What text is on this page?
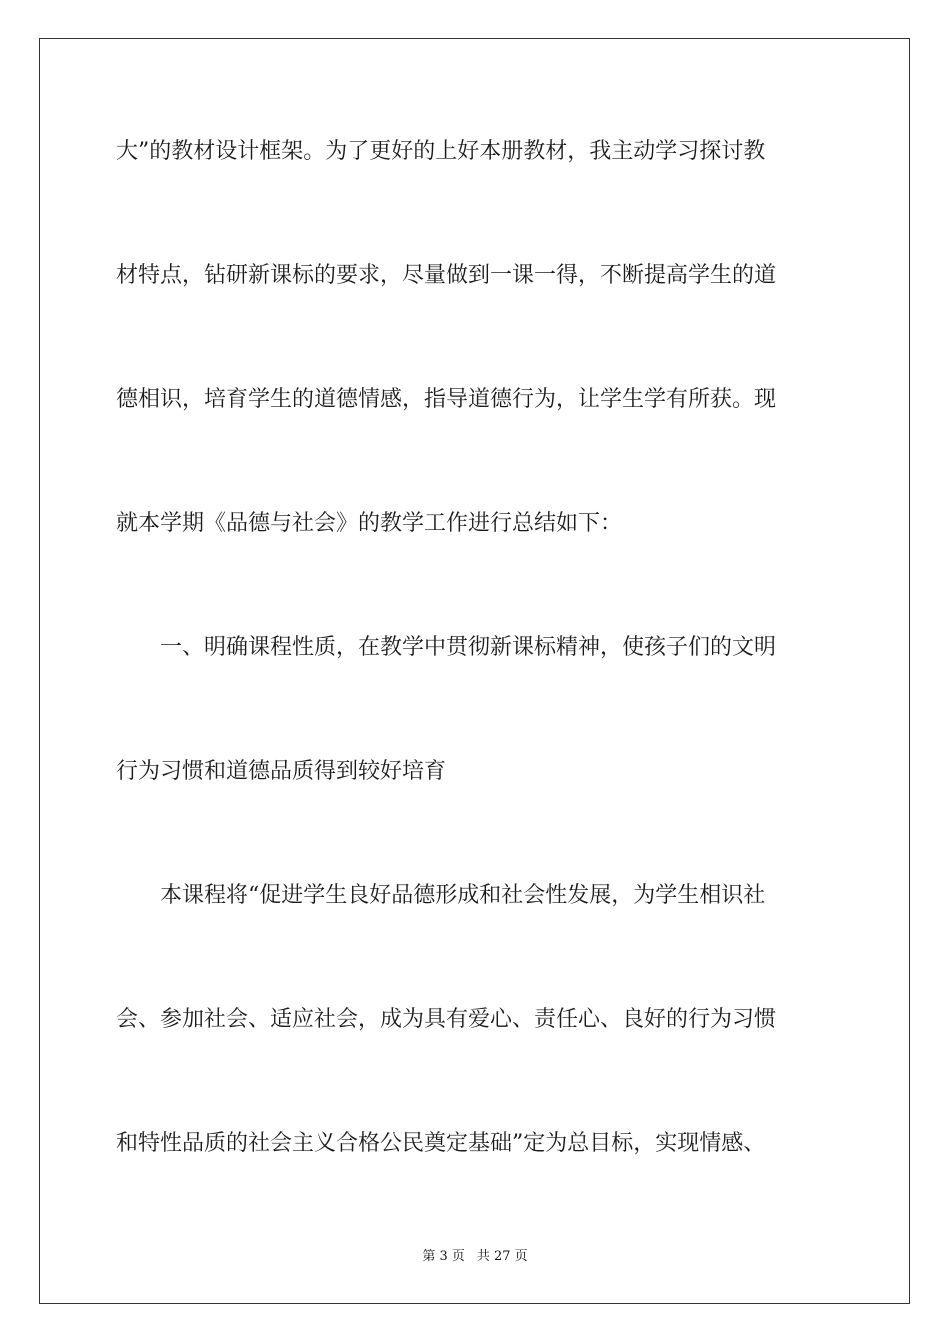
大”的教材设计框架。为了更好的上好本册教材，我主动学习探讨教
材特点，钻研新课标的要求，尽量做到一课一得，不断提高学生的道
德相识，培育学生的道德情感，指导道德行为，让学生学有所获。现
就本学期《品德与社会》的教学工作进行总结如下：
　　一、明确课程性质，在教学中贯彻新课标精神，使孩子们的文明
行为习惯和道德品质得到较好培育
　　本课程将“促进学生良好品德形成和社会性发展，为学生相识社
会、参加社会、适应社会，成为具有爱心、责任心、良好的行为习惯
和特性品质的社会主义合格公民奠定基础”定为总目标，实现情感、
第 3 页 共 27 页
